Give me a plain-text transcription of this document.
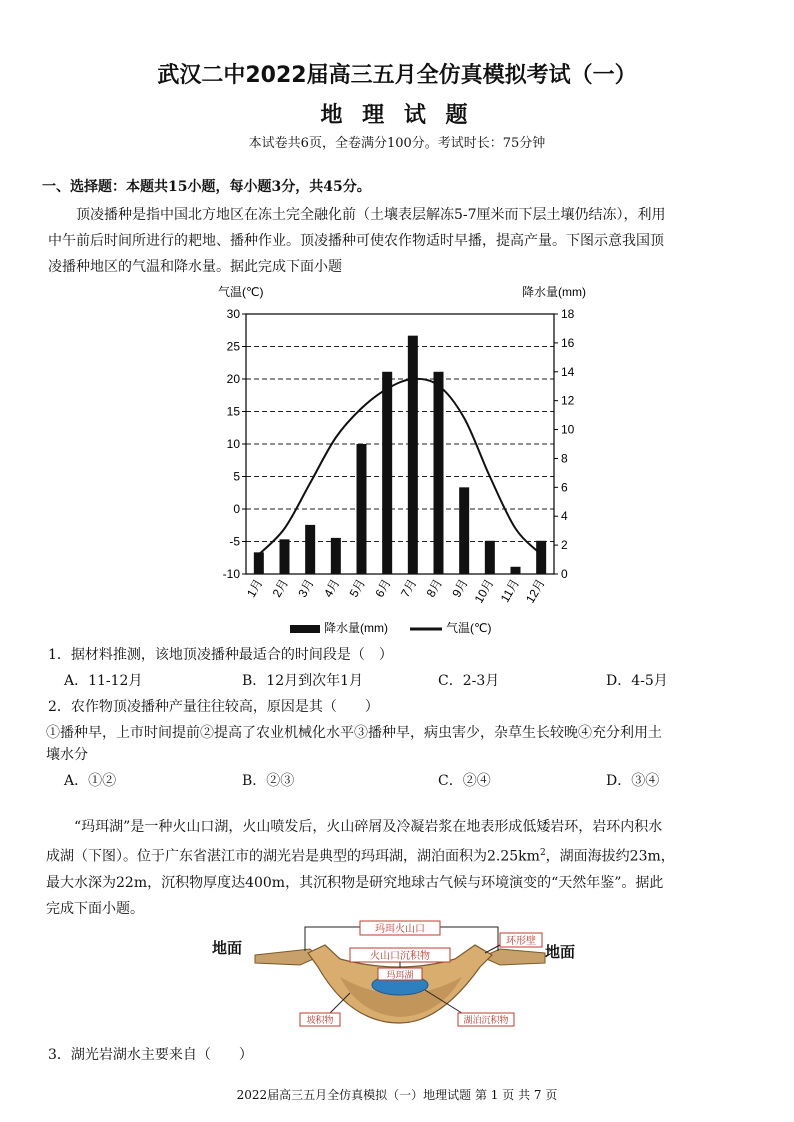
武汉二中2022届高三五月全仿真模拟考试（一）
地 理 试 题
本试卷共6页，全卷满分100分。考试时长：75分钟
一、选择题：本题共15小题，每小题3分，共45分。

顶凌播种是指中国北方地区在冻土完全融化前（土壤表层解冻5-7厘米而下层土壤仍结冻），利用

中午前后时间所进行的耙地、播种作业。顶凌播种可使农作物适时早播，提高产量。下图示意我国顶

凌播种地区的气温和降水量。据此完成下面小题

气温(℃)	降水量(mm)
-10
-5
0
5
10
15
20
25
30
0
2
4
6
8
10
12
14
16
18
1月 2月 3月 4月 5月 6月 7月 8月 9月 10月 11月 12月
降水量(mm)	气温(℃)
1．据材料推测，该地顶凌播种最适合的时间段是（　）
A．11-12月	B．12月到次年1月	C．2-3月	D．4-5月
2．农作物顶凌播种产量往往较高，原因是其（　　）
①播种早，上市时间提前②提高了农业机械化水平③播种早，病虫害少，杂草生长较晚④充分利用土
壤水分
A．①②	B．②③	C．②④	D．③④

“玛珥湖”是一种火山口湖，火山喷发后，火山碎屑及冷凝岩浆在地表形成低矮岩环，岩环内积水

成湖（下图）。位于广东省湛江市的湖光岩是典型的玛珥湖，湖泊面积为$2.25km^2$，湖面海拔约23m，

最大水深为22m，沉积物厚度达400m，其沉积物是研究地球古气候与环境演变的“天然年鉴”。据此

完成下面小题。

玛珥火山口
火山口沉积物
环形壁
玛珥湖
坡积物	湖泊沉积物
地面	地面
3．湖光岩湖水主要来自（　　）
2022届高三五月全仿真模拟（一）地理试题 第 1 页 共 7 页
